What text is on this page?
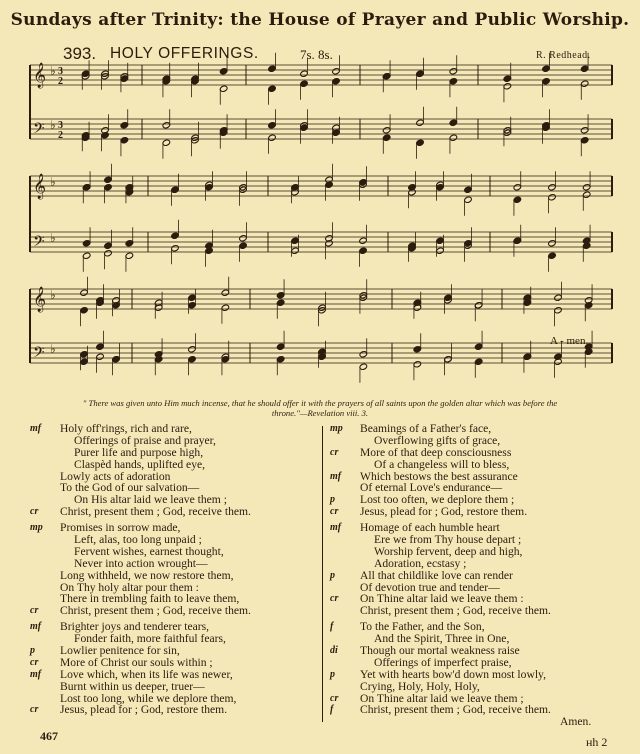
Sundays after Trinity: the House of Prayer and Public Worship.
393. HOLY OFFERINGS.	7s. 8s.	R. Redhead.
𝄞 ♭ 3
2
𝄢 ♭ 3
2
𝄞 ♭
𝄢 ♭
𝄞 ♭
𝄢 ♭
A - men.
" There was given unto Him much incense, that he should offer it with the prayers of all saints upon the golden altar which was before the throne."—Revelation viii. 3.
mf	Holy off'rings, rich and rare,
Offerings of praise and prayer,
Purer life and purpose high,
Claspèd hands, uplifted eye,
Lowly acts of adoration
To the God of our salvation—
On His altar laid we leave them ;
cr	Christ, present them ; God, receive them.
mp	Promises in sorrow made,
Left, alas, too long unpaid ;
Fervent wishes, earnest thought,
Never into action wrought—
Long withheld, we now restore them,
On Thy holy altar pour them :
There in trembling faith to leave them,
cr	Christ, present them ; God, receive them.
mf	Brighter joys and tenderer tears,
Fonder faith, more faithful fears,
p	Lowlier penitence for sin,
cr	More of Christ our souls within ;
mf	Love which, when its life was newer,
Burnt within us deeper, truer—
Lost too long, while we deplore them,
cr	Jesus, plead for ; God, restore them.
mp	Beamings of a Father's face,
Overflowing gifts of grace,
cr	More of that deep consciousness
Of a changeless will to bless,
mf	Which bestows the best assurance
Of eternal Love's endurance—
p	Lost too often, we deplore them ;
cr	Jesus, plead for ; God, restore them.
mf	Homage of each humble heart
Ere we from Thy house depart ;
Worship fervent, deep and high,
Adoration, ecstasy ;
p	All that childlike love can render
Of devotion true and tender—
cr	On Thine altar laid we leave them :
Christ, present them ; God, receive them.
f	To the Father, and the Son,
And the Spirit, Three in One,
di	Though our mortal weakness raise
Offerings of imperfect praise,
p	Yet with hearts bow'd down most lowly,
Crying, Holy, Holy, Holy,
cr	On Thine altar laid we leave them ;
f	Christ, present them ; God, receive them.
Amen.
467	нh 2
